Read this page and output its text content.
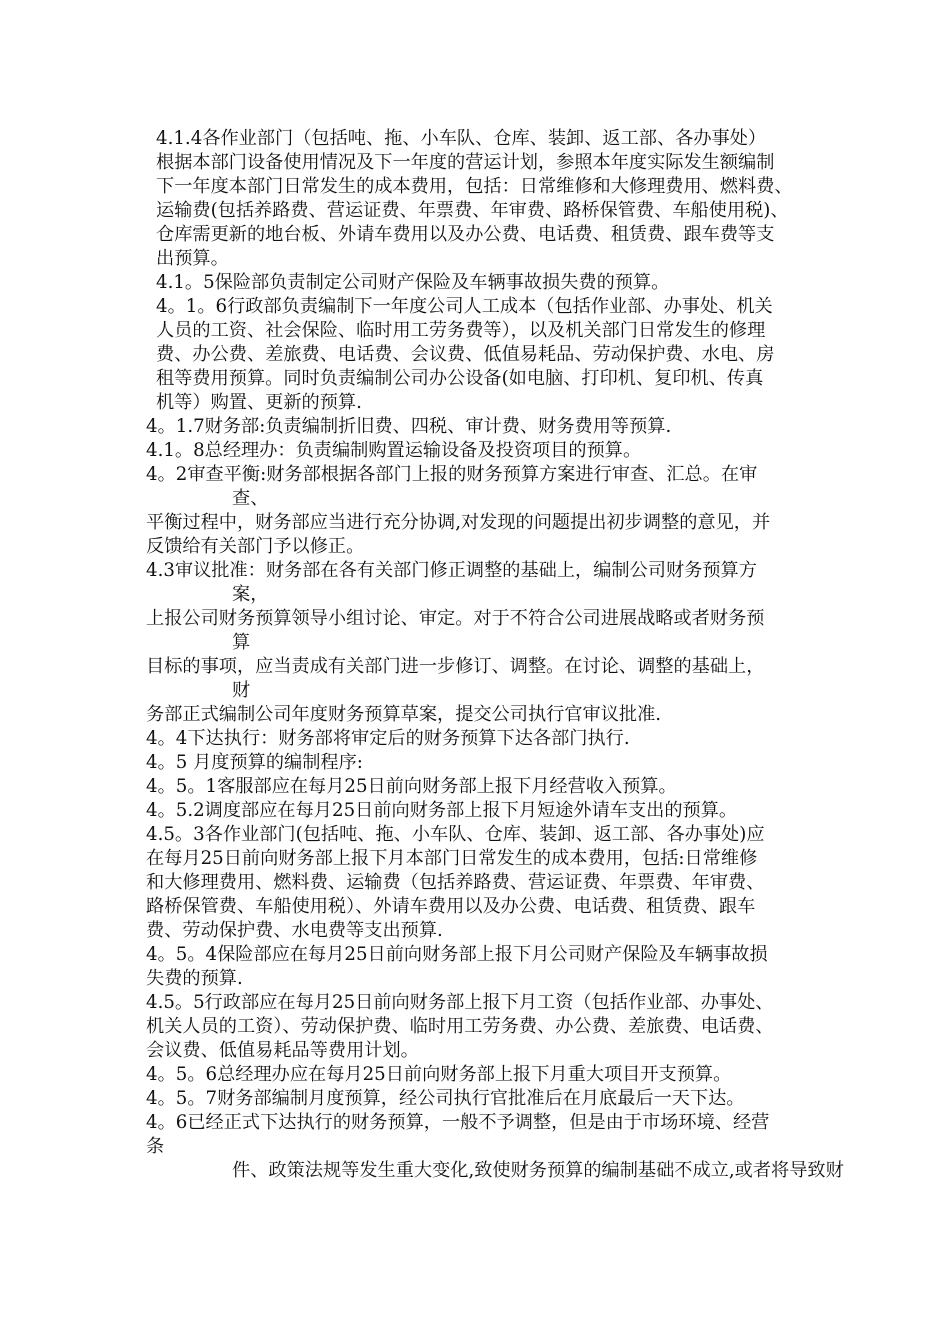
4.1.4各作业部门（包括吨、拖、小车队、仓库、装卸、返工部、各办事处）
根据本部门设备使用情况及下一年度的营运计划，参照本年度实际发生额编制
下一年度本部门日常发生的成本费用，包括：日常维修和大修理费用、燃料费、
运输费(包括养路费、营运证费、年票费、年审费、路桥保管费、车船使用税)、
仓库需更新的地台板、外请车费用以及办公费、电话费、租赁费、跟车费等支
出预算。
4.1。5保险部负责制定公司财产保险及车辆事故损失费的预算。
4。1。6行政部负责编制下一年度公司人工成本（包括作业部、办事处、机关
人员的工资、社会保险、临时用工劳务费等），以及机关部门日常发生的修理
费、办公费、差旅费、电话费、会议费、低值易耗品、劳动保护费、水电、房
租等费用预算。同时负责编制公司办公设备(如电脑、打印机、复印机、传真
机等）购置、更新的预算.
4。1.7财务部:负责编制折旧费、四税、审计费、财务费用等预算.
4.1。8总经理办：负责编制购置运输设备及投资项目的预算。
4。2审查平衡:财务部根据各部门上报的财务预算方案进行审查、汇总。在审
查、
平衡过程中，财务部应当进行充分协调,对发现的问题提出初步调整的意见，并
反馈给有关部门予以修正。
4.3审议批准：财务部在各有关部门修正调整的基础上，编制公司财务预算方
案，
上报公司财务预算领导小组讨论、审定。对于不符合公司进展战略或者财务预
算
目标的事项，应当责成有关部门进一步修订、调整。在讨论、调整的基础上，
财
务部正式编制公司年度财务预算草案，提交公司执行官审议批准.
4。4下达执行：财务部将审定后的财务预算下达各部门执行.
4。5 月度预算的编制程序:
4。5。1客服部应在每月25日前向财务部上报下月经营收入预算。
4。5.2调度部应在每月25日前向财务部上报下月短途外请车支出的预算。
4.5。3各作业部门(包括吨、拖、小车队、仓库、装卸、返工部、各办事处)应
在每月25日前向财务部上报下月本部门日常发生的成本费用，包括:日常维修
和大修理费用、燃料费、运输费（包括养路费、营运证费、年票费、年审费、
路桥保管费、车船使用税）、外请车费用以及办公费、电话费、租赁费、跟车
费、劳动保护费、水电费等支出预算.
4。5。4保险部应在每月25日前向财务部上报下月公司财产保险及车辆事故损
失费的预算.
4.5。5行政部应在每月25日前向财务部上报下月工资（包括作业部、办事处、
机关人员的工资）、劳动保护费、临时用工劳务费、办公费、差旅费、电话费、
会议费、低值易耗品等费用计划。
4。5。6总经理办应在每月25日前向财务部上报下月重大项目开支预算。
4。5。7财务部编制月度预算，经公司执行官批准后在月底最后一天下达。
4。6已经正式下达执行的财务预算，一般不予调整，但是由于市场环境、经营
条
件、政策法规等发生重大变化,致使财务预算的编制基础不成立,或者将导致财
